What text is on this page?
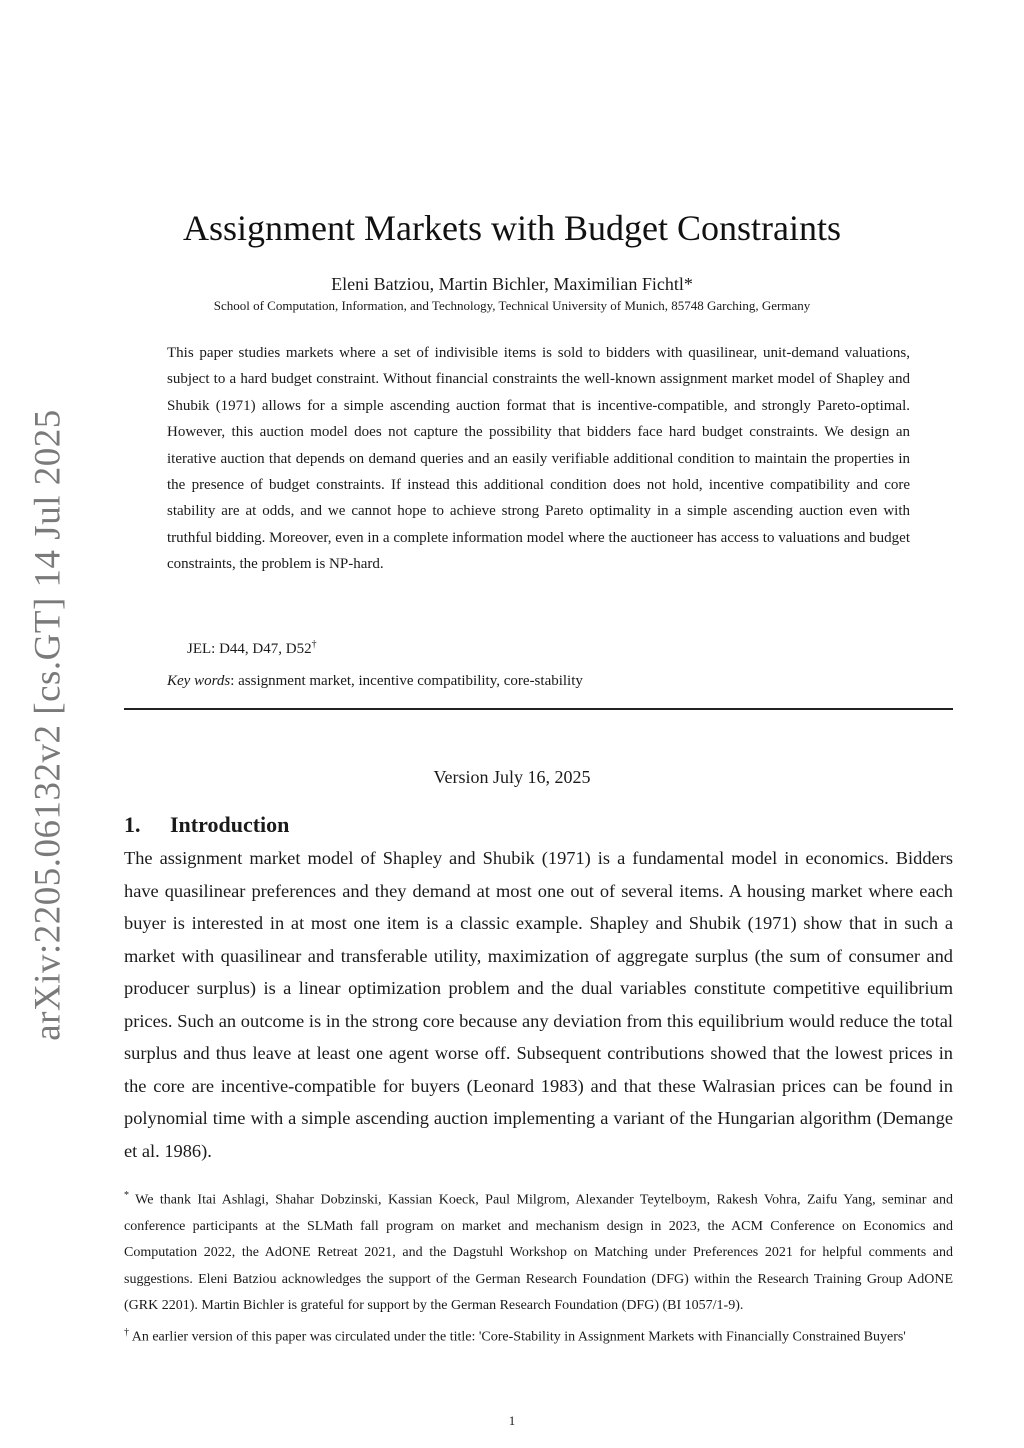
arXiv:2205.06132v2 [cs.GT] 14 Jul 2025
Assignment Markets with Budget Constraints
Eleni Batziou, Martin Bichler, Maximilian Fichtl*
School of Computation, Information, and Technology, Technical University of Munich, 85748 Garching, Germany

This paper studies markets where a set of indivisible items is sold to bidders with quasilinear, unit-demand valuations, subject to a hard budget constraint. Without financial constraints the well-known assignment market model of Shapley and Shubik (1971) allows for a simple ascending auction format that is incentive-compatible, and strongly Pareto-optimal. However, this auction model does not capture the possibility that bidders face hard budget constraints. We design an iterative auction that depends on demand queries and an easily verifiable additional condition to maintain the properties in the presence of budget constraints. If instead this additional condition does not hold, incentive compatibility and core stability are at odds, and we cannot hope to achieve strong Pareto optimality in a simple ascending auction even with truthful bidding. Moreover, even in a complete information model where the auctioneer has access to valuations and budget constraints, the problem is NP-hard.

JEL: D44, D47, D52†
Key words: assignment market, incentive compatibility, core-stability
Version July 16, 2025
1. Introduction

The assignment market model of Shapley and Shubik (1971) is a fundamental model in economics. Bidders have quasilinear preferences and they demand at most one out of several items. A housing market where each buyer is interested in at most one item is a classic example. Shapley and Shubik (1971) show that in such a market with quasilinear and transferable utility, maximization of aggregate surplus (the sum of consumer and producer surplus) is a linear optimization problem and the dual variables constitute competitive equilibrium prices. Such an outcome is in the strong core because any deviation from this equilibrium would reduce the total surplus and thus leave at least one agent worse off. Subsequent contributions showed that the lowest prices in the core are incentive-compatible for buyers (Leonard 1983) and that these Walrasian prices can be found in polynomial time with a simple ascending auction implementing a variant of the Hungarian algorithm (Demange et al. 1986).

* We thank Itai Ashlagi, Shahar Dobzinski, Kassian Koeck, Paul Milgrom, Alexander Teytelboym, Rakesh Vohra, Zaifu Yang, seminar and conference participants at the SLMath fall program on market and mechanism design in 2023, the ACM Conference on Economics and Computation 2022, the AdONE Retreat 2021, and the Dagstuhl Workshop on Matching under Preferences 2021 for helpful comments and suggestions. Eleni Batziou acknowledges the support of the German Research Foundation (DFG) within the Research Training Group AdONE (GRK 2201). Martin Bichler is grateful for support by the German Research Foundation (DFG) (BI 1057/1-9).

† An earlier version of this paper was circulated under the title: 'Core-Stability in Assignment Markets with Financially Constrained Buyers'

1
